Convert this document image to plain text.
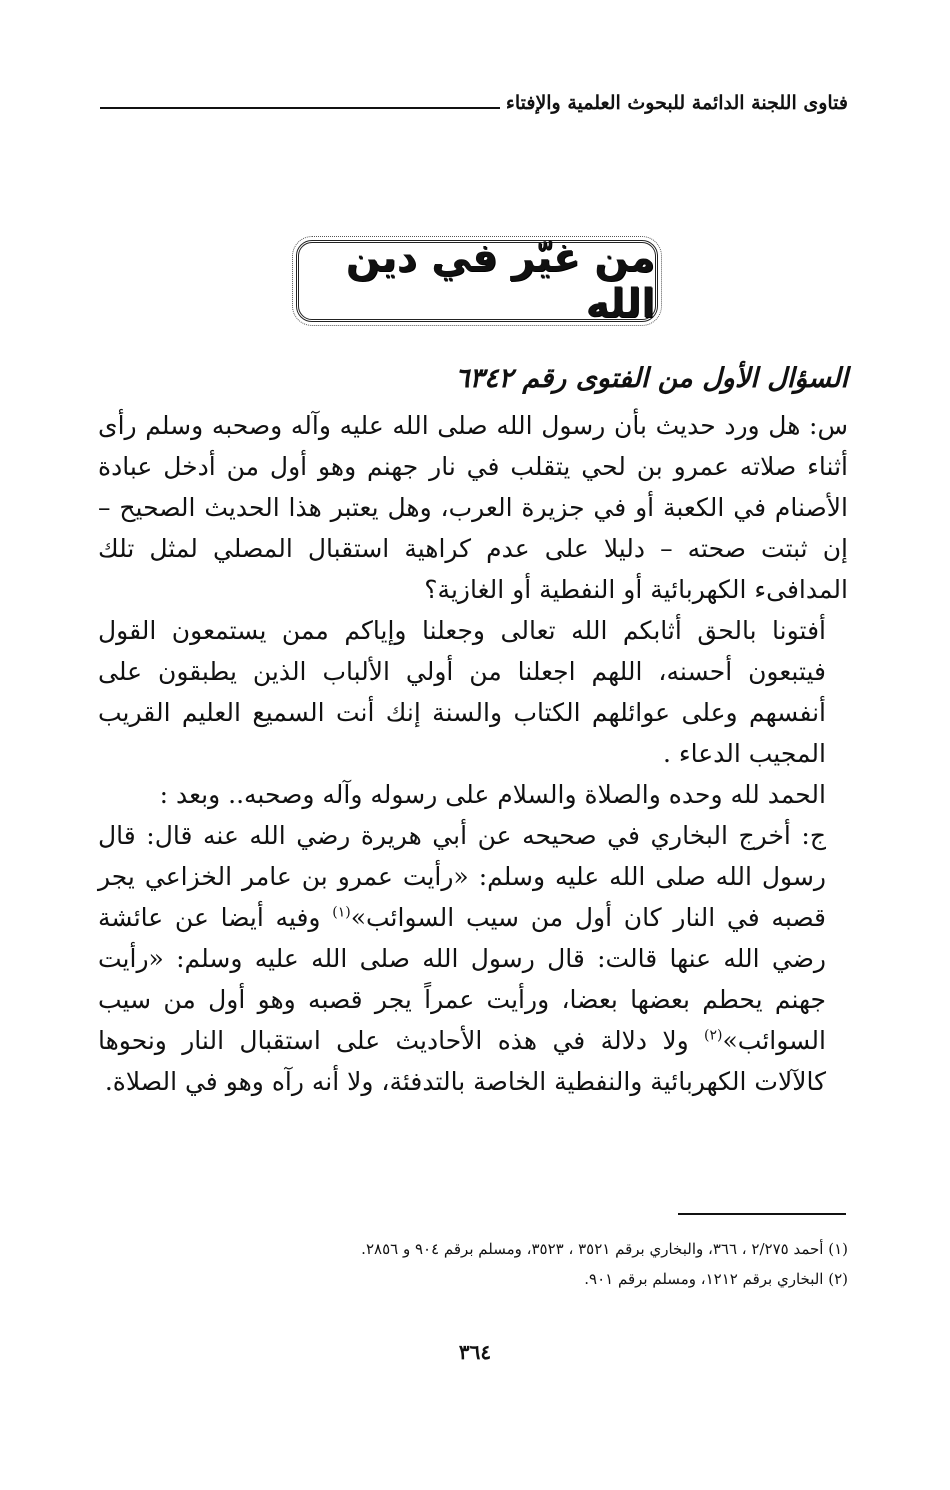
فتاوى اللجنة الدائمة للبحوث العلمية والإفتاء
من غيّر في دين الله

السؤال الأول من الفتوى رقم ٦٣٤٢

س: هل ورد حديث بأن رسول الله صلى الله عليه وآله وصحبه وسلم رأى أثناء صلاته عمرو بن لحي يتقلب في نار جهنم وهو أول من أدخل عبادة الأصنام في الكعبة أو في جزيرة العرب، وهل يعتبر هذا الحديث الصحيح – إن ثبتت صحته – دليلا على عدم كراهية استقبال المصلي لمثل تلك المدافىء الكهربائية أو النفطية أو الغازية؟

أفتونا بالحق أثابكم الله تعالى وجعلنا وإياكم ممن يستمعون القول فيتبعون أحسنه، اللهم اجعلنا من أولي الألباب الذين يطبقون على أنفسهم وعلى عوائلهم الكتاب والسنة إنك أنت السميع العليم القريب المجيب الدعاء .

الحمد لله وحده والصلاة والسلام على رسوله وآله وصحبه.. وبعد :

ج: أخرج البخاري في صحيحه عن أبي هريرة رضي الله عنه قال: قال رسول الله صلى الله عليه وسلم: «رأيت عمرو بن عامر الخزاعي يجر قصبه في النار كان أول من سيب السوائب»$^{(١)}$ وفيه أيضا عن عائشة رضي الله عنها قالت: قال رسول الله صلى الله عليه وسلم: «رأيت جهنم يحطم بعضها بعضا، ورأيت عمراً يجر قصبه وهو أول من سيب السوائب»$^{(٢)}$ ولا دلالة في هذه الأحاديث على استقبال النار ونحوها كالآلات الكهربائية والنفطية الخاصة بالتدفئة، ولا أنه رآه وهو في الصلاة.

(١) أحمد ٢/٢٧٥ ، ٣٦٦، والبخاري برقم ٣٥٢١ ، ٣٥٢٣، ومسلم برقم ٩٠٤ و ٢٨٥٦.

(٢) البخاري برقم ١٢١٢، ومسلم برقم ٩٠١.

٣٦٤
